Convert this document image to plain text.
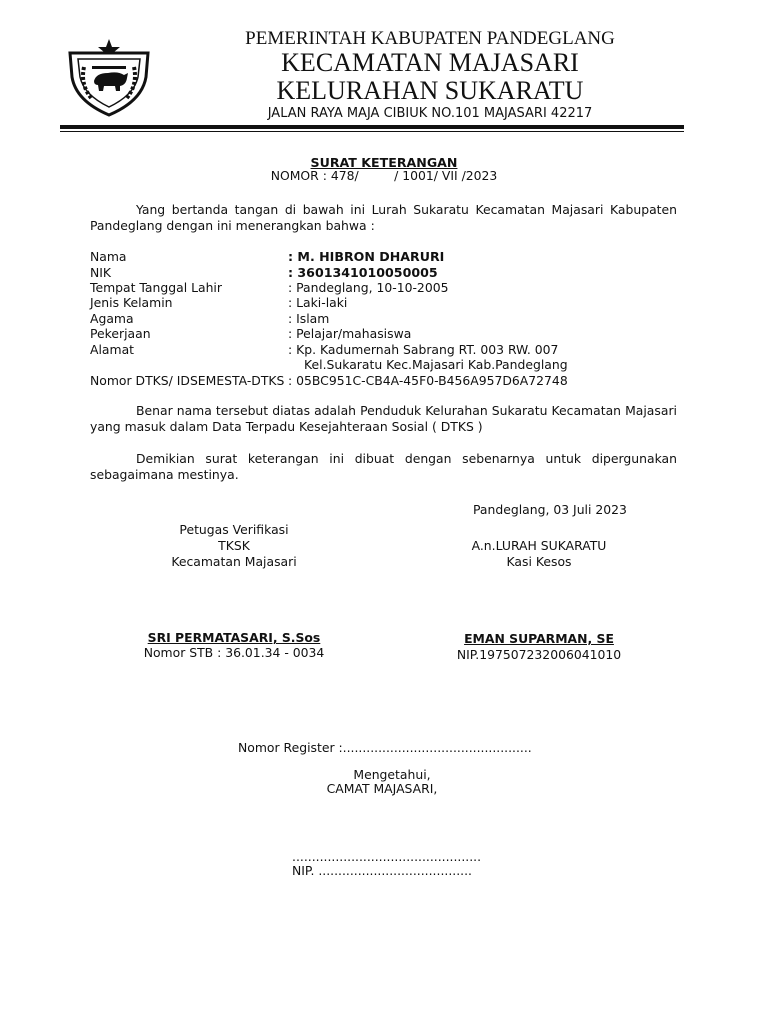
PEMERINTAH KABUPATEN PANDEGLANG
KECAMATAN MAJASARI
KELURAHAN SUKARATU
JALAN RAYA MAJA CIBIUK NO.101 MAJASARI 42217
SURAT KETERANGAN
NOMOR : 478/         / 1001/ VII /2023
Yang bertanda tangan di bawah ini Lurah Sukaratu Kecamatan Majasari Kabupaten Pandeglang dengan ini menerangkan bahwa :
Nama	: M. HIBRON DHARURI
NIK	: 3601341010050005
Tempat Tanggal Lahir	: Pandeglang, 10-10-2005
Jenis Kelamin	: Laki-laki
Agama	: Islam
Pekerjaan	: Pelajar/mahasiswa
Alamat	: Kp. Kadumernah Sabrang RT. 003 RW. 007
Kel.Sukaratu Kec.Majasari Kab.Pandeglang
Nomor DTKS/ IDSEMESTA-DTKS : 05BC951C-CB4A-45F0-B456A957D6A72748
Benar nama tersebut diatas adalah Penduduk Kelurahan Sukaratu Kecamatan Majasari yang masuk dalam Data Terpadu Kesejahteraan Sosial ( DTKS )
Demikian surat keterangan ini dibuat dengan sebenarnya untuk dipergunakan sebagaimana mestinya.
Pandeglang, 03 Juli 2023
Petugas Verifikasi
TKSK
Kecamatan Majasari
SRI PERMATASARI, S.Sos
Nomor STB : 36.01.34 - 0034
A.n.LURAH SUKARATU
Kasi Kesos
EMAN SUPARMAN, SE
NIP.197507232006041010
Nomor Register :................................................
Mengetahui,
CAMAT MAJASARI,
................................................
NIP. .......................................
